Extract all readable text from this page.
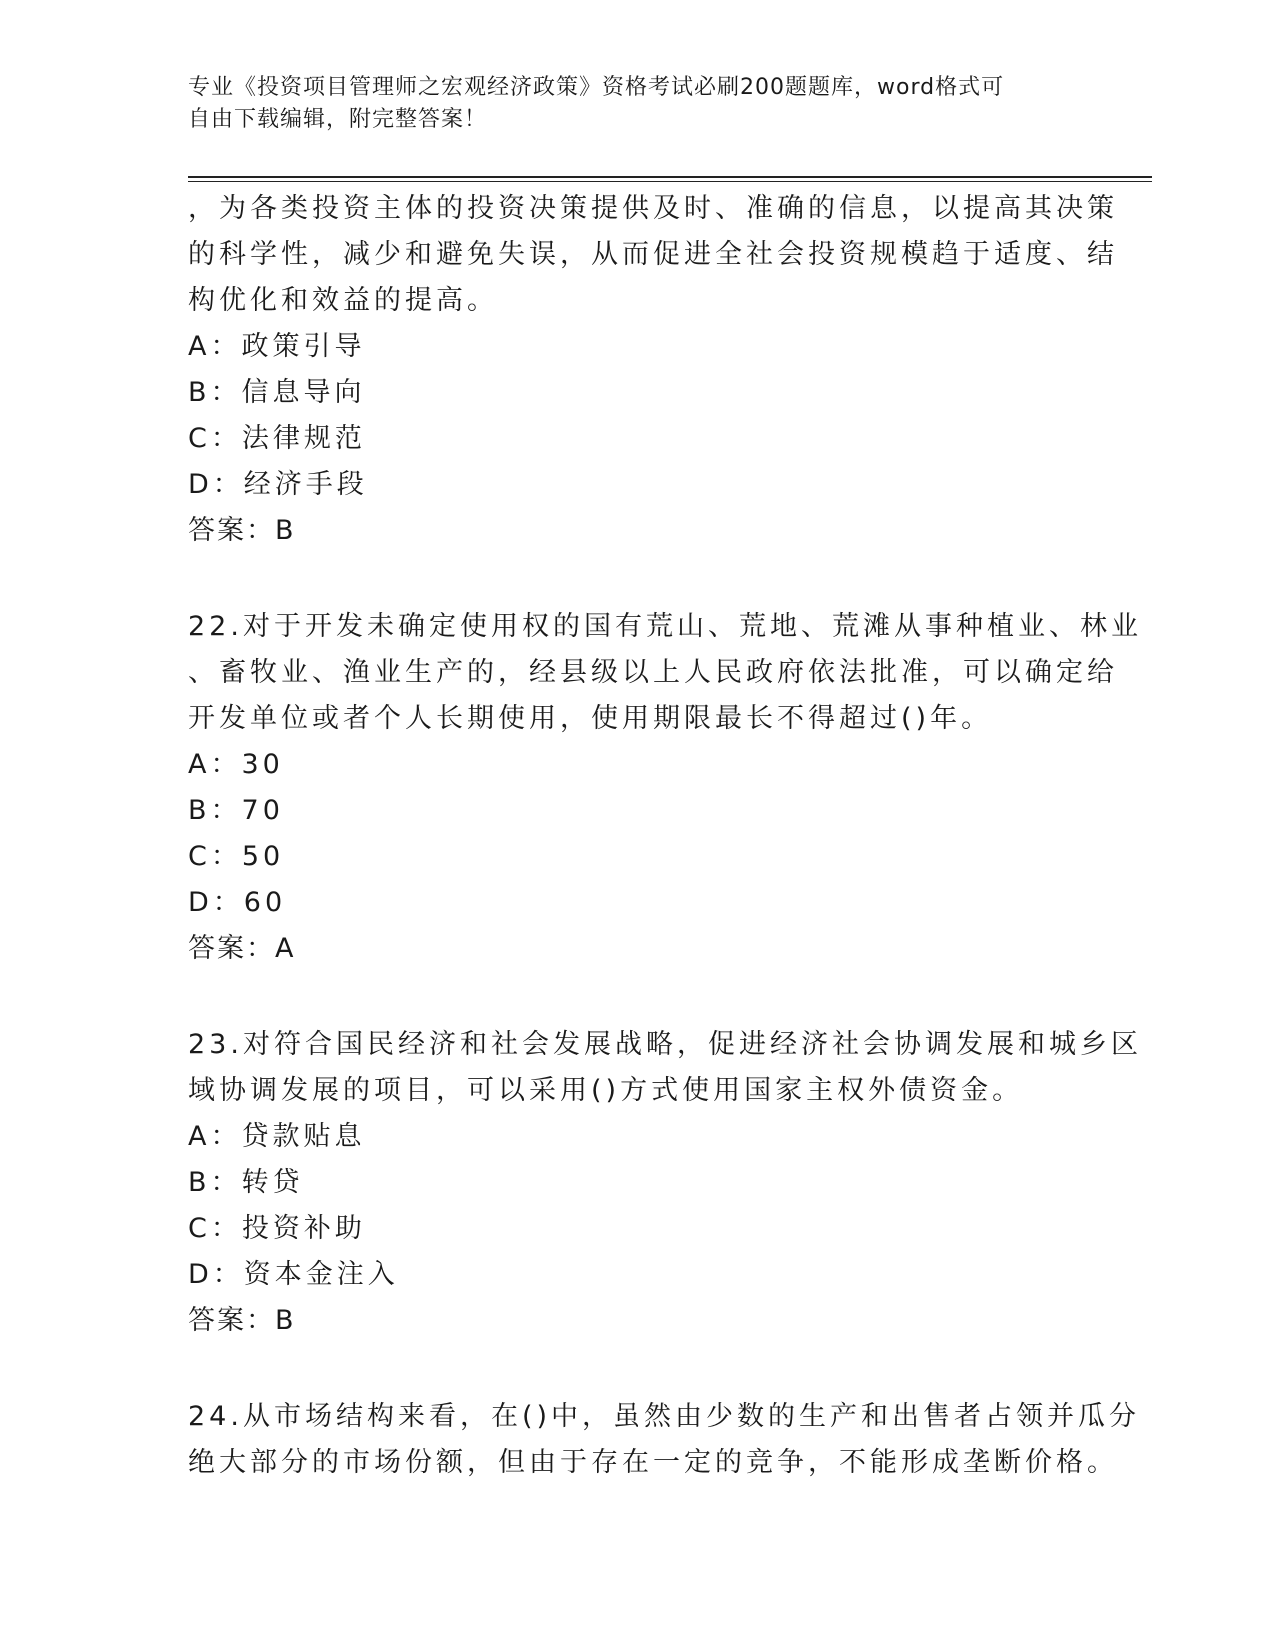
专业《投资项目管理师之宏观经济政策》资格考试必刷200题题库，word格式可
自由下载编辑，附完整答案！
，为各类投资主体的投资决策提供及时、准确的信息，以提高其决策
的科学性，减少和避免失误，从而促进全社会投资规模趋于适度、结
构优化和效益的提高。
A：政策引导
B：信息导向
C：法律规范
D：经济手段
答案：B
22.对于开发未确定使用权的国有荒山、荒地、荒滩从事种植业、林业
、畜牧业、渔业生产的，经县级以上人民政府依法批准，可以确定给
开发单位或者个人长期使用，使用期限最长不得超过()年。
A：30
B：70
C：50
D：60
答案：A
23.对符合国民经济和社会发展战略，促进经济社会协调发展和城乡区
域协调发展的项目，可以采用()方式使用国家主权外债资金。
A：贷款贴息
B：转贷
C：投资补助
D：资本金注入
答案：B
24.从市场结构来看，在()中，虽然由少数的生产和出售者占领并瓜分
绝大部分的市场份额，但由于存在一定的竞争，不能形成垄断价格。
